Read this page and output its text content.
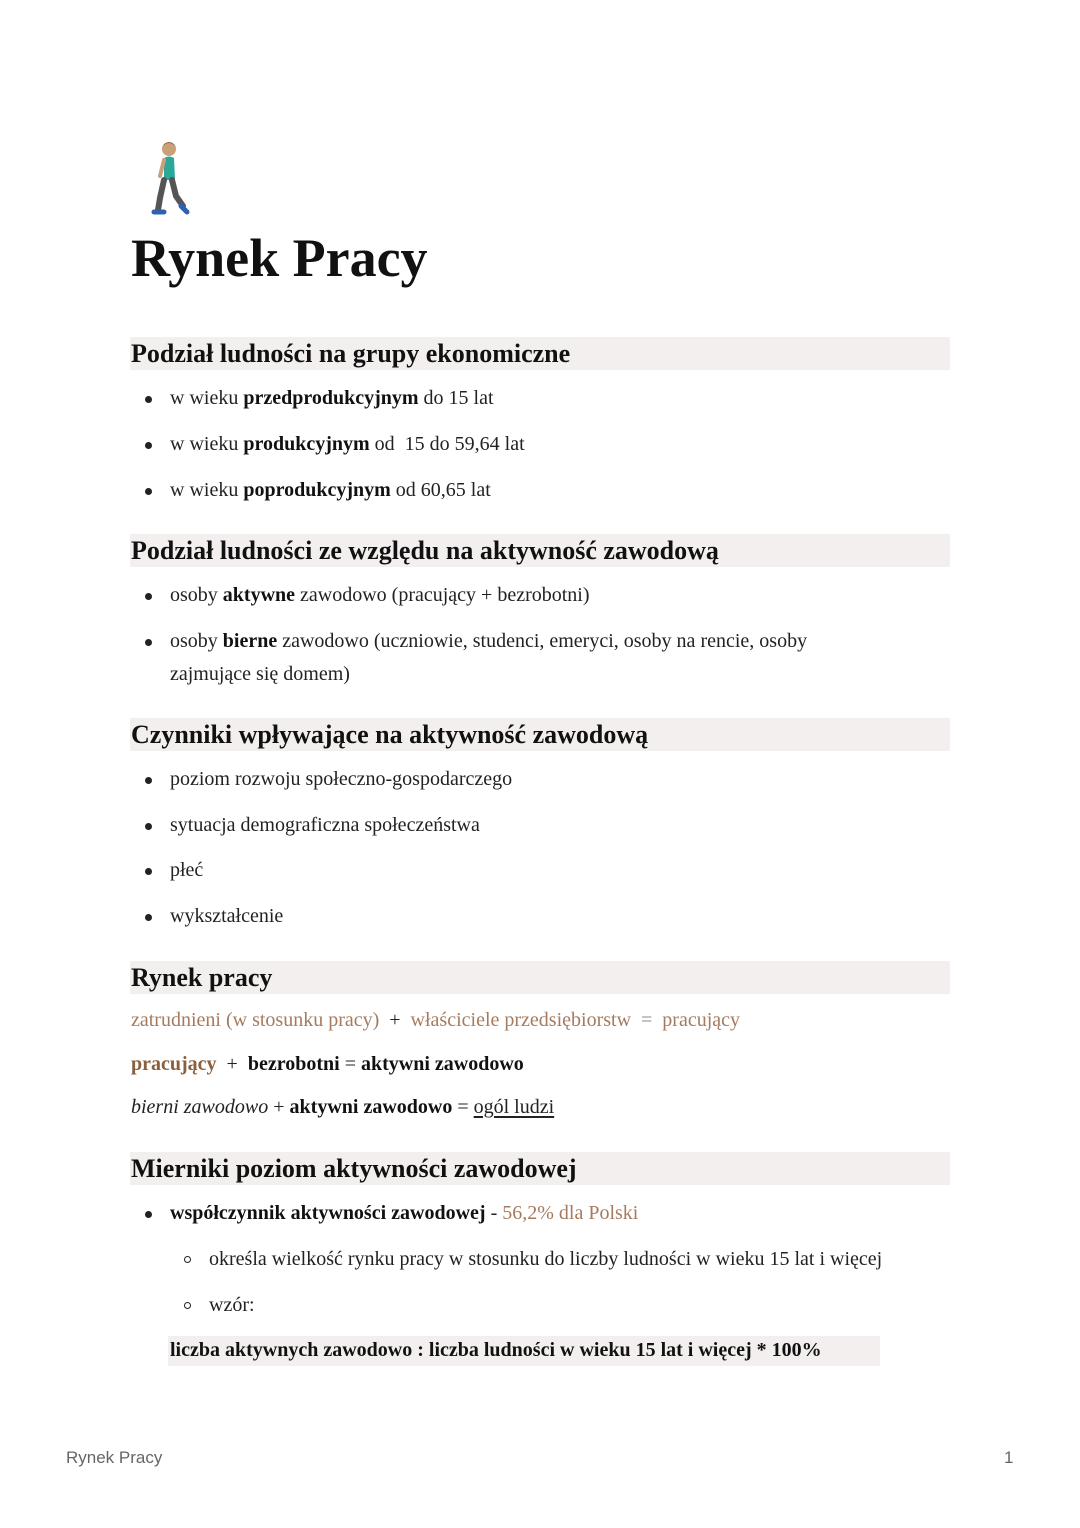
Rynek Pracy
Podział ludności na grupy ekonomiczne
w wieku przedprodukcyjnym do 15 lat
w wieku produkcyjnym od  15 do 59,64 lat
w wieku poprodukcyjnym od 60,65 lat
Podział ludności ze względu na aktywność zawodową
osoby aktywne zawodowo (pracujący + bezrobotni)
osoby bierne zawodowo (uczniowie, studenci, emeryci, osoby na rencie, osoby
zajmujące się domem)
Czynniki wpływające na aktywność zawodową
poziom rozwoju społeczno-gospodarczego
sytuacja demograficzna społeczeństwa
płeć
wykształcenie
Rynek pracy
zatrudnieni (w stosunku pracy) + właściciele przedsiębiorstw = pracujący
pracujący + bezrobotni = aktywni zawodowo
bierni zawodowo + aktywni zawodowo = ogól ludzi
Mierniki poziom aktywności zawodowej
współczynnik aktywności zawodowej - 56,2% dla Polski
określa wielkość rynku pracy w stosunku do liczby ludności w wieku 15 lat i więcej
wzór:
liczba aktywnych zawodowo : liczba ludności w wieku 15 lat i więcej * 100%
Rynek Pracy	1
